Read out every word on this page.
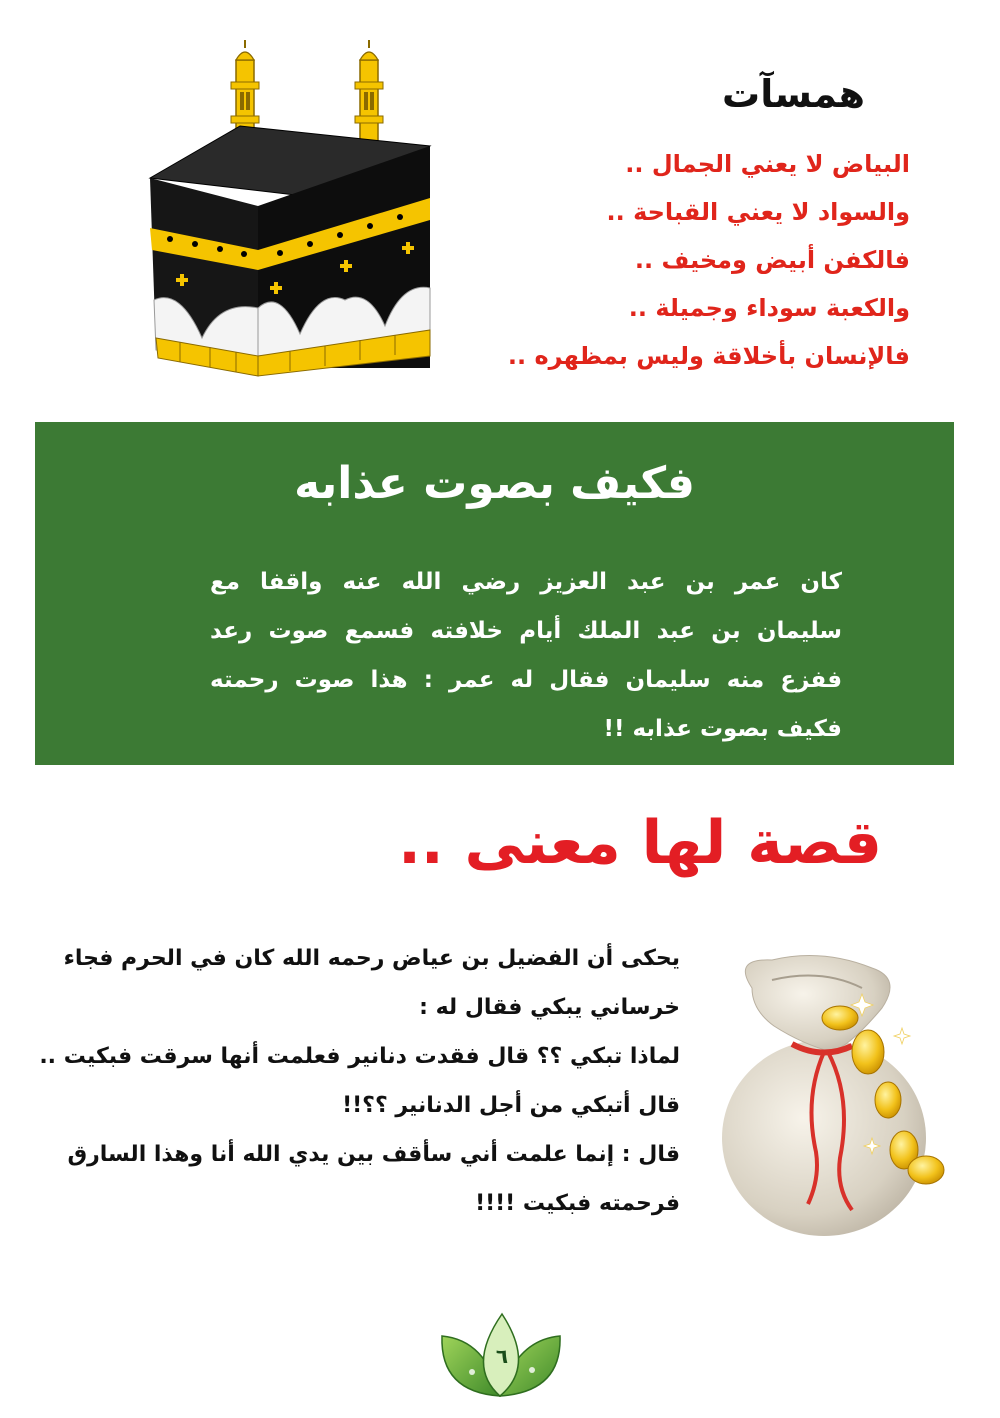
همسآت
البياض لا يعني الجمال ..
والسواد لا يعني القباحة ..
فالكفن أبيض ومخيف ..
والكعبة سوداء وجميلة ..
فالإنسان بأخلاقة وليس بمظهره ..
فكيف بصوت عذابه
كان عمر بن عبد العزيز رضي الله عنه واقفا مع
سليمان بن عبد الملك أيام خلافته فسمع صوت رعد
ففزع منه سليمان فقال له عمر : هذا صوت رحمته
فكيف بصوت عذابه !!
قصة لها معنى ..
يحكى أن الفضيل بن عياض رحمه الله كان في الحرم فجاء
خرساني يبكي فقال له :
لماذا تبكي ؟؟ قال فقدت دنانير فعلمت أنها سرقت فبكيت ..
قال أتبكي من أجل الدنانير ؟؟!!
قال : إنما علمت أني سأقف بين يدي الله أنا وهذا السارق
فرحمته فبكيت !!!!
٦
